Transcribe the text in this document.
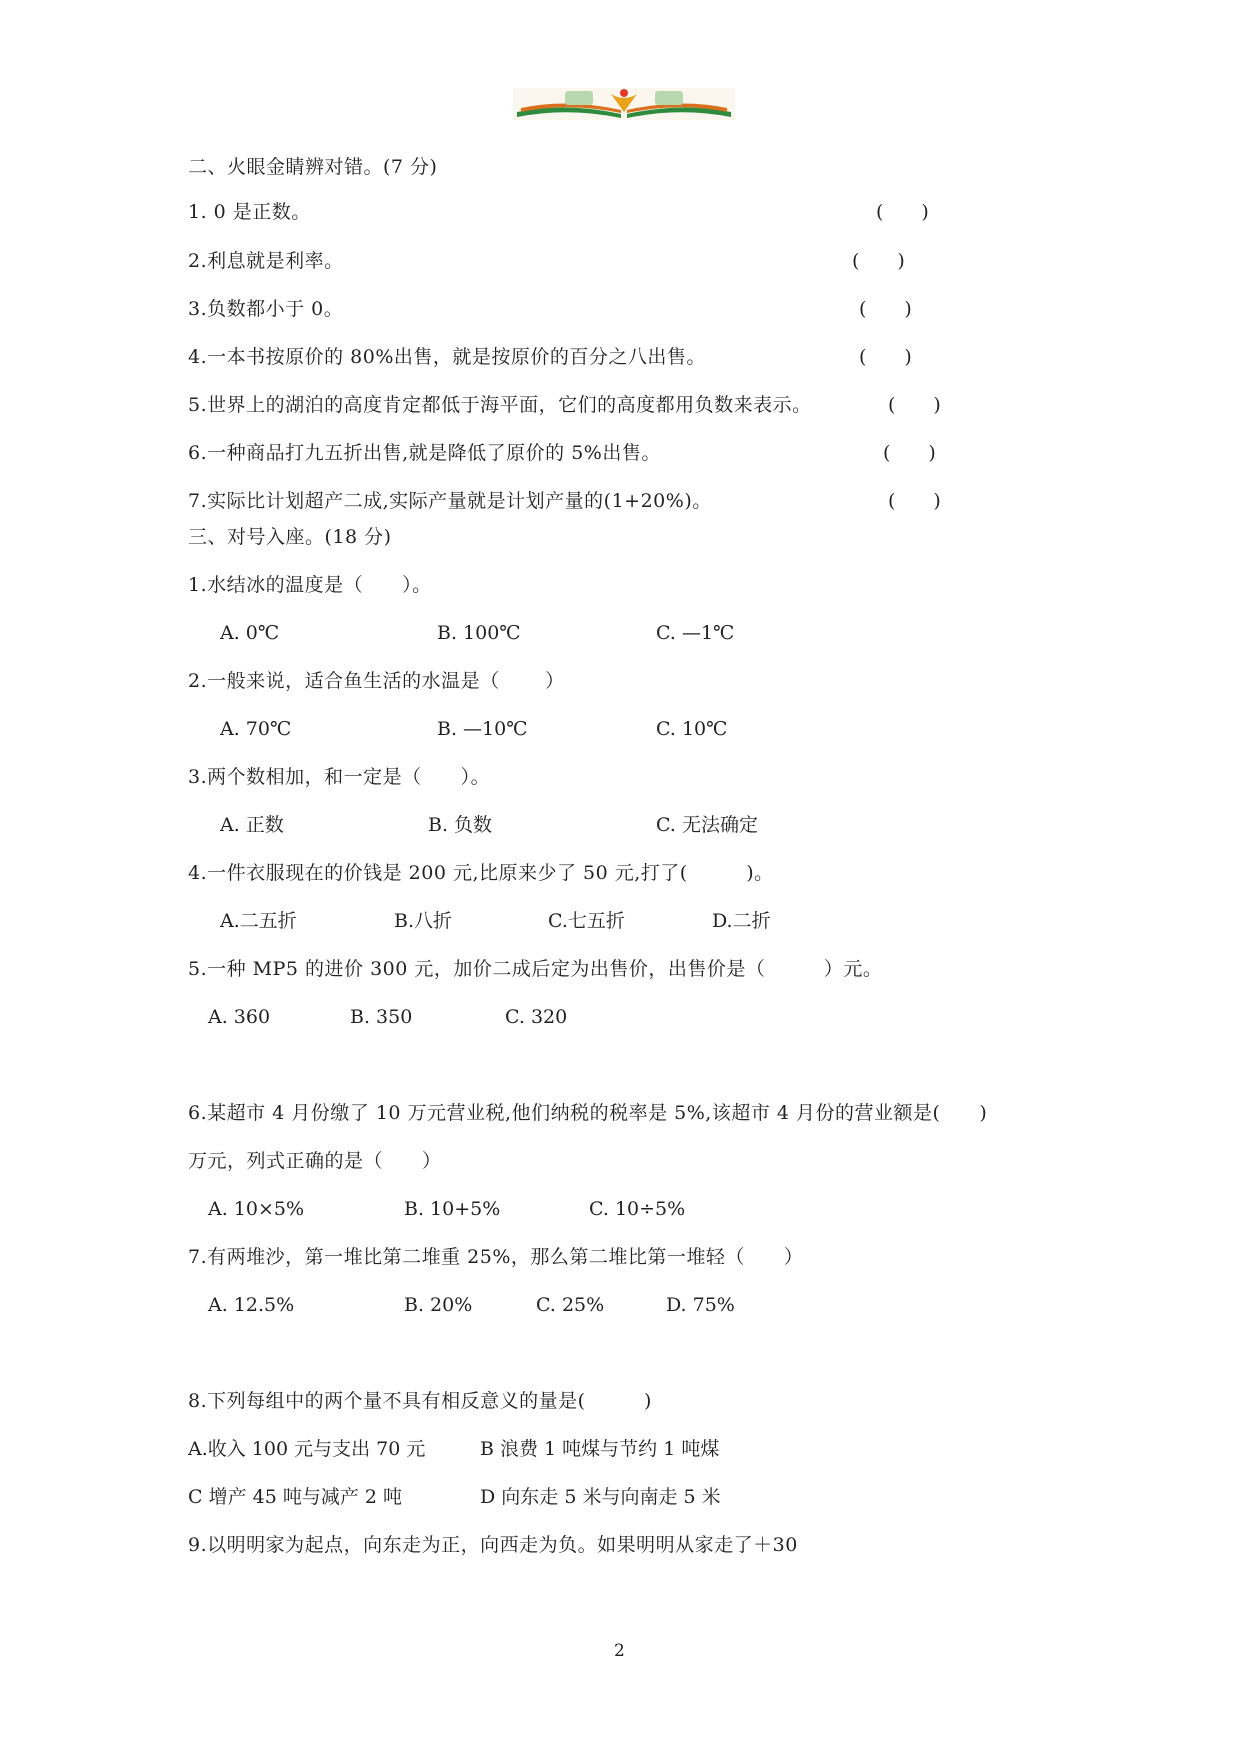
二、火眼金睛辨对错。(7 分)
1. 0 是正数。	(　　)
2.利息就是利率。	(　　)
3.负数都小于 0。	(　　)
4.一本书按原价的 80%出售，就是按原价的百分之八出售。	(　　)
5.世界上的湖泊的高度肯定都低于海平面，它们的高度都用负数来表示。	(　　)
6.一种商品打九五折出售,就是降低了原价的 5%出售。	(　　)
7.实际比计划超产二成,实际产量就是计划产量的(1+20%)。	(　　)
三、对号入座。(18 分)
1.水结冰的温度是（　　）。
A. 0℃	B. 100℃	C. —1℃
2.一般来说，适合鱼生活的水温是（　　 ）
A. 70℃	B. —10℃	C. 10℃
3.两个数相加，和一定是（　　）。
A. 正数	B. 负数	C. 无法确定
4.一件衣服现在的价钱是 200 元,比原来少了 50 元,打了(　　　)。
A.二五折	B.八折	C.七五折	D.二折
5.一种 MP5 的进价 300 元，加价二成后定为出售价，出售价是（　　　）元。
A. 360	B. 350	C. 320
6.某超市 4 月份缴了 10 万元营业税,他们纳税的税率是 5%,该超市 4 月份的营业额是(　　)
万元，列式正确的是（　　）
A. 10×5%	B. 10+5%	C. 10÷5%
7.有两堆沙，第一堆比第二堆重 25%，那么第二堆比第一堆轻（　　）
A. 12.5%	B. 20%	C. 25%	D. 75%
8.下列每组中的两个量不具有相反意义的量是(　　　)
A.收入 100 元与支出 70 元	B 浪费 1 吨煤与节约 1 吨煤
C 增产 45 吨与减产 2 吨	D 向东走 5 米与向南走 5 米
9.以明明家为起点，向东走为正，向西走为负。如果明明从家走了＋30
2
